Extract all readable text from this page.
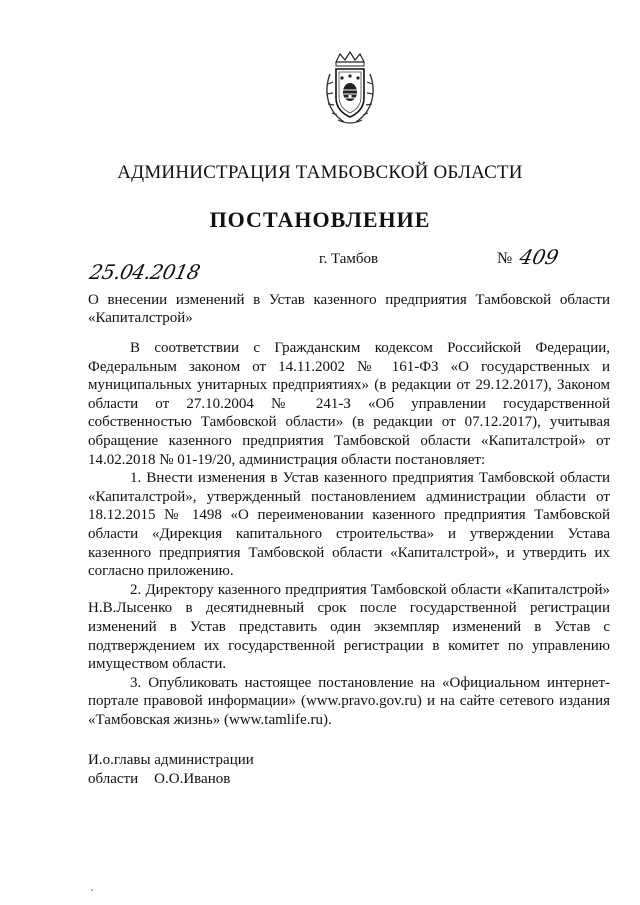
АДМИНИСТРАЦИЯ ТАМБОВСКОЙ ОБЛАСТИ
ПОСТАНОВЛЕНИЕ
25.04.2018
г. Тамбов	№ 409
О внесении изменений в Устав казенного предприятия Тамбовской области «Капиталстрой»

В соответствии с Гражданским кодексом Российской Федерации, Федеральным законом от 14.11.2002 № 161-ФЗ «О государственных и муниципальных унитарных предприятиях» (в редакции от 29.12.2017), Законом области от 27.10.2004 № 241-З «Об управлении государственной собственностью Тамбовской области» (в редакции от 07.12.2017), учитывая обращение казенного предприятия Тамбовской области «Капиталстрой» от 14.02.2018 № 01-19/20, администрация области постановляет:

1. Внести изменения в Устав казенного предприятия Тамбовской области «Капиталстрой», утвержденный постановлением администрации области от 18.12.2015 № 1498 «О переименовании казенного предприятия Тамбовской области «Дирекция капитального строительства» и утверждении Устава казенного предприятия Тамбовской области «Капиталстрой», и утвердить их согласно приложению.

2. Директору казенного предприятия Тамбовской области «Капиталстрой» Н.В.Лысенко в десятидневный срок после государственной регистрации изменений в Устав представить один экземпляр изменений в Устав с подтверждением их государственной регистрации в комитет по управлению имуществом области.

3. Опубликовать настоящее постановление на «Официальном интернет-портале правовой информации» (www.pravo.gov.ru) и на сайте сетевого издания «Тамбовская жизнь» (www.tamlife.ru).

И.о.главы администрации
области О.О.Иванов
